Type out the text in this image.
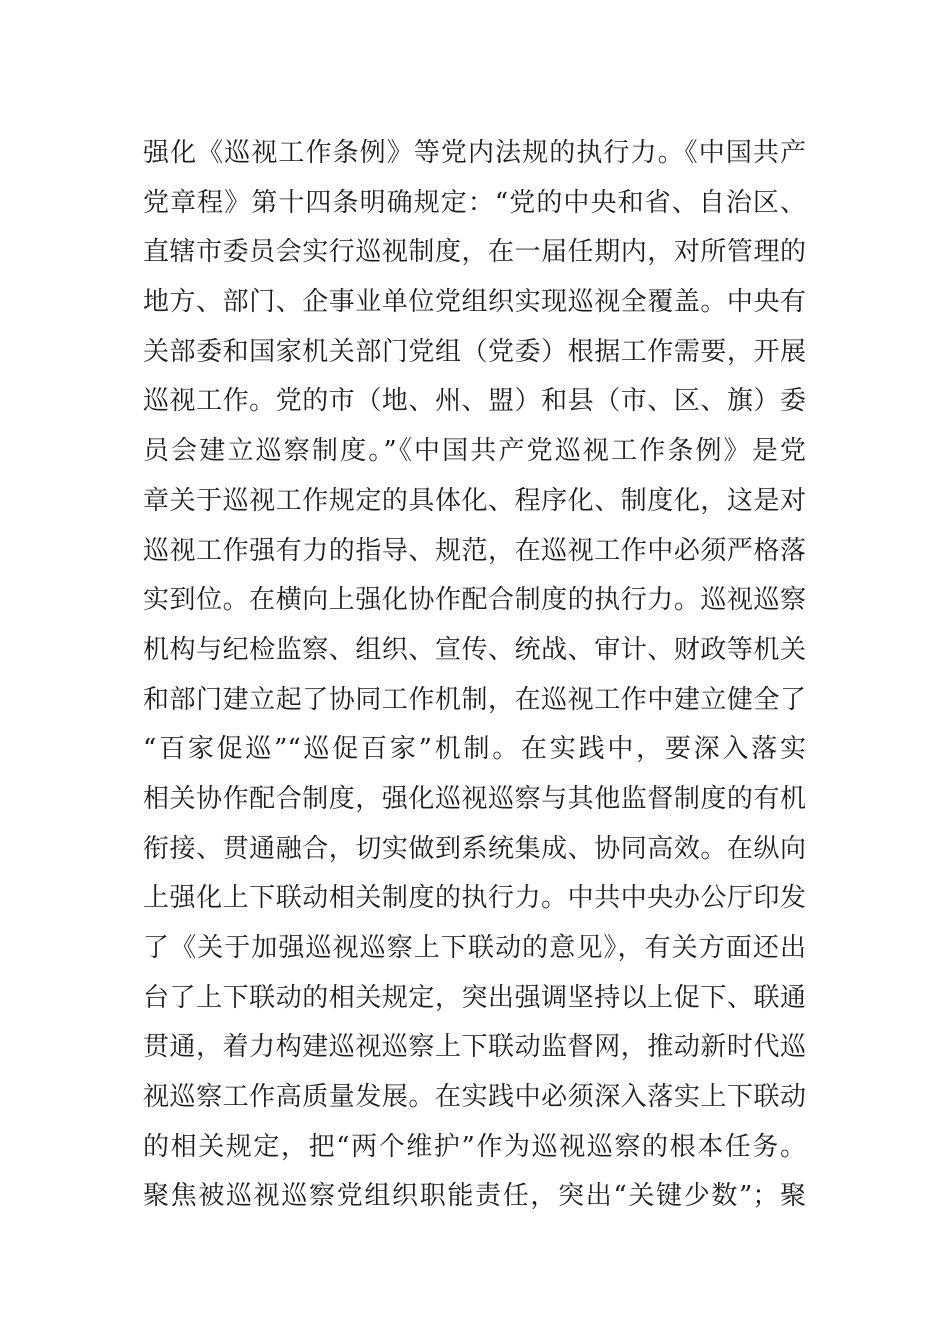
强化《巡视工作条例》等党内法规的执行力。《中国共产
党章程》第十四条明确规定：“党的中央和省、自治区、
直辖市委员会实行巡视制度，在一届任期内，对所管理的
地方、部门、企事业单位党组织实现巡视全覆盖。中央有
关部委和国家机关部门党组（党委）根据工作需要，开展
巡视工作。党的市（地、州、盟）和县（市、区、旗）委
员会建立巡察制度。”《中国共产党巡视工作条例》是党
章关于巡视工作规定的具体化、程序化、制度化，这是对
巡视工作强有力的指导、规范，在巡视工作中必须严格落
实到位。在横向上强化协作配合制度的执行力。巡视巡察
机构与纪检监察、组织、宣传、统战、审计、财政等机关
和部门建立起了协同工作机制，在巡视工作中建立健全了
“百家促巡”“巡促百家”机制。在实践中，要深入落实
相关协作配合制度，强化巡视巡察与其他监督制度的有机
衔接、贯通融合，切实做到系统集成、协同高效。在纵向
上强化上下联动相关制度的执行力。中共中央办公厅印发
了《关于加强巡视巡察上下联动的意见》，有关方面还出
台了上下联动的相关规定，突出强调坚持以上促下、联通
贯通，着力构建巡视巡察上下联动监督网，推动新时代巡
视巡察工作高质量发展。在实践中必须深入落实上下联动
的相关规定，把“两个维护”作为巡视巡察的根本任务。
聚焦被巡视巡察党组织职能责任，突出“关键少数”；聚
